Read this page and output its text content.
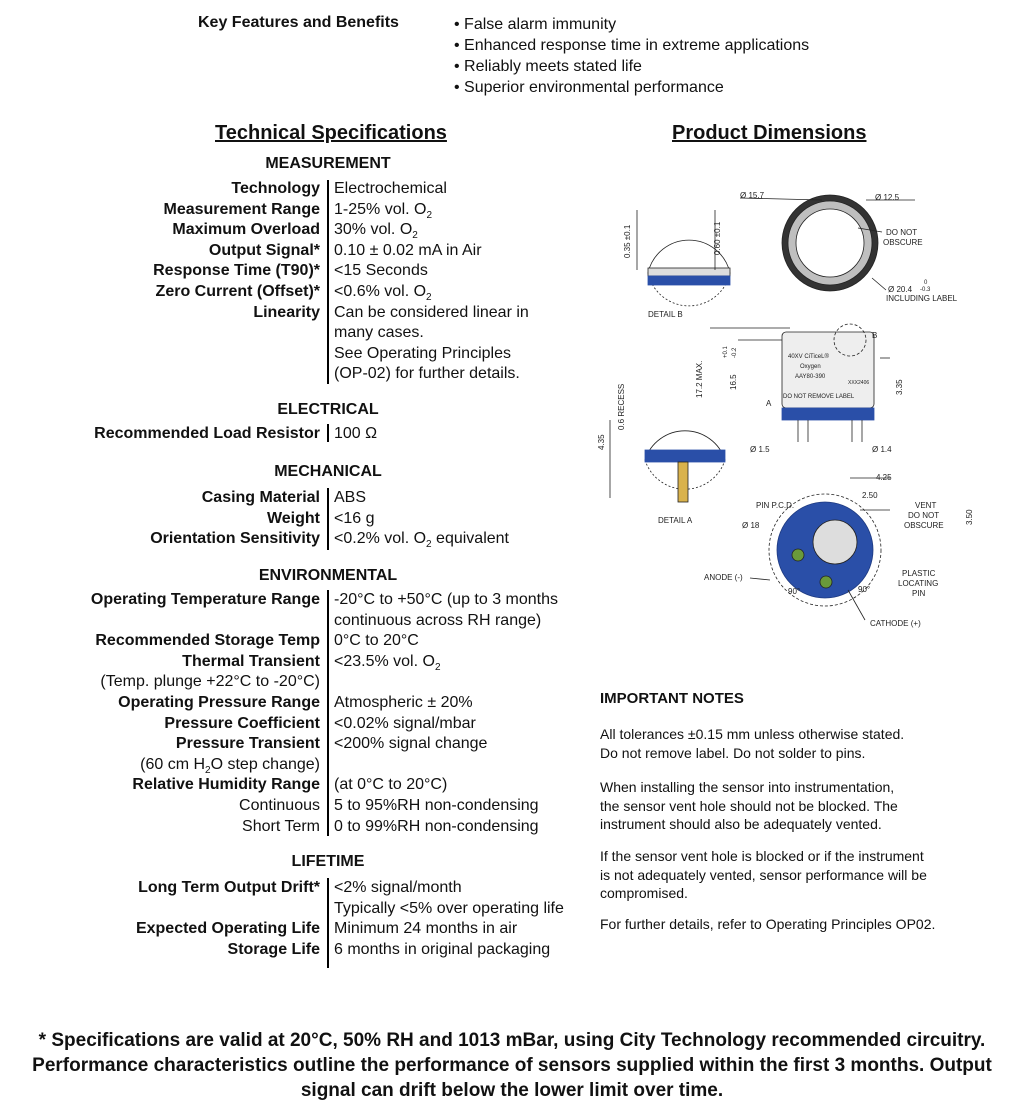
Key Features and Benefits
•	False alarm immunity
• Enhanced response time in extreme applications
• Reliably meets stated life
• Superior environmental performance
Technical Specifications	Product Dimensions
MEASUREMENT
Technology Electrochemical
Measurement Range 1-25% vol. $O_2$
Maximum Overload 30% vol. $O_2$
Output Signal* 0.10 ± 0.02 mA in Air
Response Time (T90)* <15 Seconds
Zero Current (Offset)* <0.6% vol. $O_2$
Linearity Can be considered linear in
many cases.
See Operating Principles
(OP-02) for further details.
ELECTRICAL
Recommended Load Resistor 100 Ω
MECHANICAL
Casing Material ABS
Weight <16 g
Orientation Sensitivity <0.2% vol. $O_2$ equivalent
ENVIRONMENTAL
Operating Temperature Range -20°C to +50°C (up to 3 months
continuous across RH range)
Recommended Storage Temp 0°C to 20°C
Thermal Transient
(Temp. plunge +22°C to -20°C)
<23.5% vol. $O_2$
Operating Pressure Range Atmospheric ± 20%
Pressure Coefficient <0.02% signal/mbar
Pressure Transient
(60 cm $H_2O$ step change)
<200% signal change
Relative Humidity Range (at 0°C to 20°C)
Continuous 5 to 95%RH non-condensing
Short Term 0 to 99%RH non-condensing
LIFETIME
Long Term Output Drift* <2% signal/month
Typically <5% over operating life
Expected Operating Life Minimum 24 months in air
Storage Life 6 months in original packaging
DETAIL B
DETAIL A
Ø 15.7	Ø 12.5
DO NOT
OBSCURE
Ø 20.4
0
-0.3
INCLUDING LABEL
0.35 ±0.1	0.60 ±0.1
17.2 MAX.	16.5
+0.1 -0.2
0.6 RECESS
4.35
3.35
Ø 1.5	Ø 1.4
40XV CiTiceL®
Oxygen
AAY80-390
XXX2406
DO NOT REMOVE LABEL
A
B
4.25
2.50
3.50
PIN P.C.D.
Ø 18
VENT
DO NOT
OBSCURE
PLASTIC
LOCATING
PIN
ANODE (-)
CATHODE (+)
90°	90°
IMPORTANT NOTES
All tolerances ±0.15 mm unless otherwise stated.
Do not remove label. Do not solder to pins.
When installing the sensor into instrumentation,
the sensor vent hole should not be blocked. The
instrument should also be adequately vented.
If the sensor vent hole is blocked or if the instrument
is not adequately vented, sensor performance will be
compromised.
For further details, refer to Operating Principles OP02.
* Specifications are valid at 20°C, 50% RH and 1013 mBar, using City Technology recommended circuitry. Performance characteristics outline the performance of sensors supplied within the first 3 months. Output signal can drift below the lower limit over time.
